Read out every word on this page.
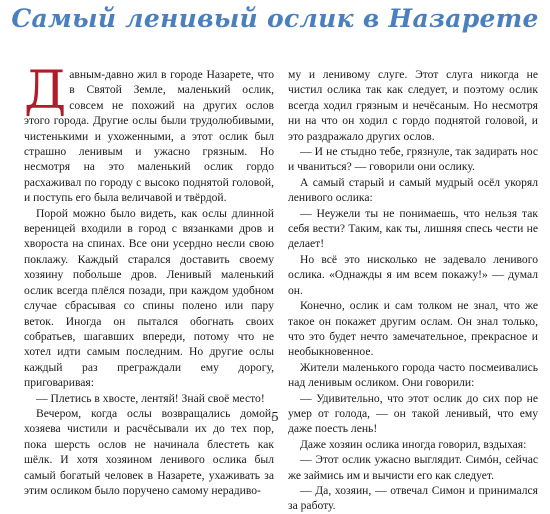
Самый ленивый ослик в Назарете

Давным-давно жил в городе Назарете, что в Святой Земле, маленький ослик, совсем не похожий на других ослов этого города. Другие ослы были трудолюбивыми, чистенькими и ухоженными, а этот ослик был страшно ленивым и ужасно грязным. Но несмотря на это маленький ослик гордо расхаживал по городу с высоко поднятой головой, и поступь его была величавой и твёрдой.

Порой можно было видеть, как ослы длинной вереницей входили в город с вязанками дров и хвороста на спинах. Все они усердно несли свою поклажу. Каждый старался доставить своему хозяину побольше дров. Ленивый маленький ослик всегда плёлся позади, при каждом удобном случае сбрасывая со спины полено или пару веток. Иногда он пытался обогнать своих собратьев, шагавших впереди, потому что не хотел идти самым последним. Но другие ослы каждый раз преграждали ему дорогу, приговаривая:

— Плетись в хвосте, лентяй! Знай своё место!

Вечером, когда ослы возвращались домой, хозяева чистили и расчёсывали их до тех пор, пока шерсть ослов не начинала блестеть как шёлк. И хотя хозяином ленивого ослика был самый богатый человек в Назарете, ухаживать за этим осликом было поручено самому нерадиво-

му и ленивому слуге. Этот слуга никогда не чистил ослика так как следует, и поэтому ослик всегда ходил грязным и нечёсаным. Но несмотря ни на что он ходил с гордо поднятой головой, и это раздражало других ослов.

— И не стыдно тебе, грязнуле, так задирать нос и чваниться? — говорили они ослику.

А самый старый и самый мудрый осёл укорял ленивого ослика:

— Неужели ты не понимаешь, что нельзя так себя вести? Таким, как ты, лишняя спесь чести не делает!

Но всё это нисколько не задевало ленивого ослика. «Однажды я им всем покажу!» — думал он.

Конечно, ослик и сам толком не знал, что же такое он покажет другим ослам. Он знал только, что это будет нечто замечательное, прекрасное и необыкновенное.

Жители маленького города часто посмеивались над ленивым осликом. Они говорили:

— Удивительно, что этот ослик до сих пор не умер от голода, — он такой ленивый, что ему даже поесть лень!

Даже хозяин ослика иногда говорил, вздыхая:

— Этот ослик ужасно выглядит. Симóн, сейчас же займись им и вычисти его как следует.

— Да, хозяин, — отвечал Симон и принимался за работу.

5
